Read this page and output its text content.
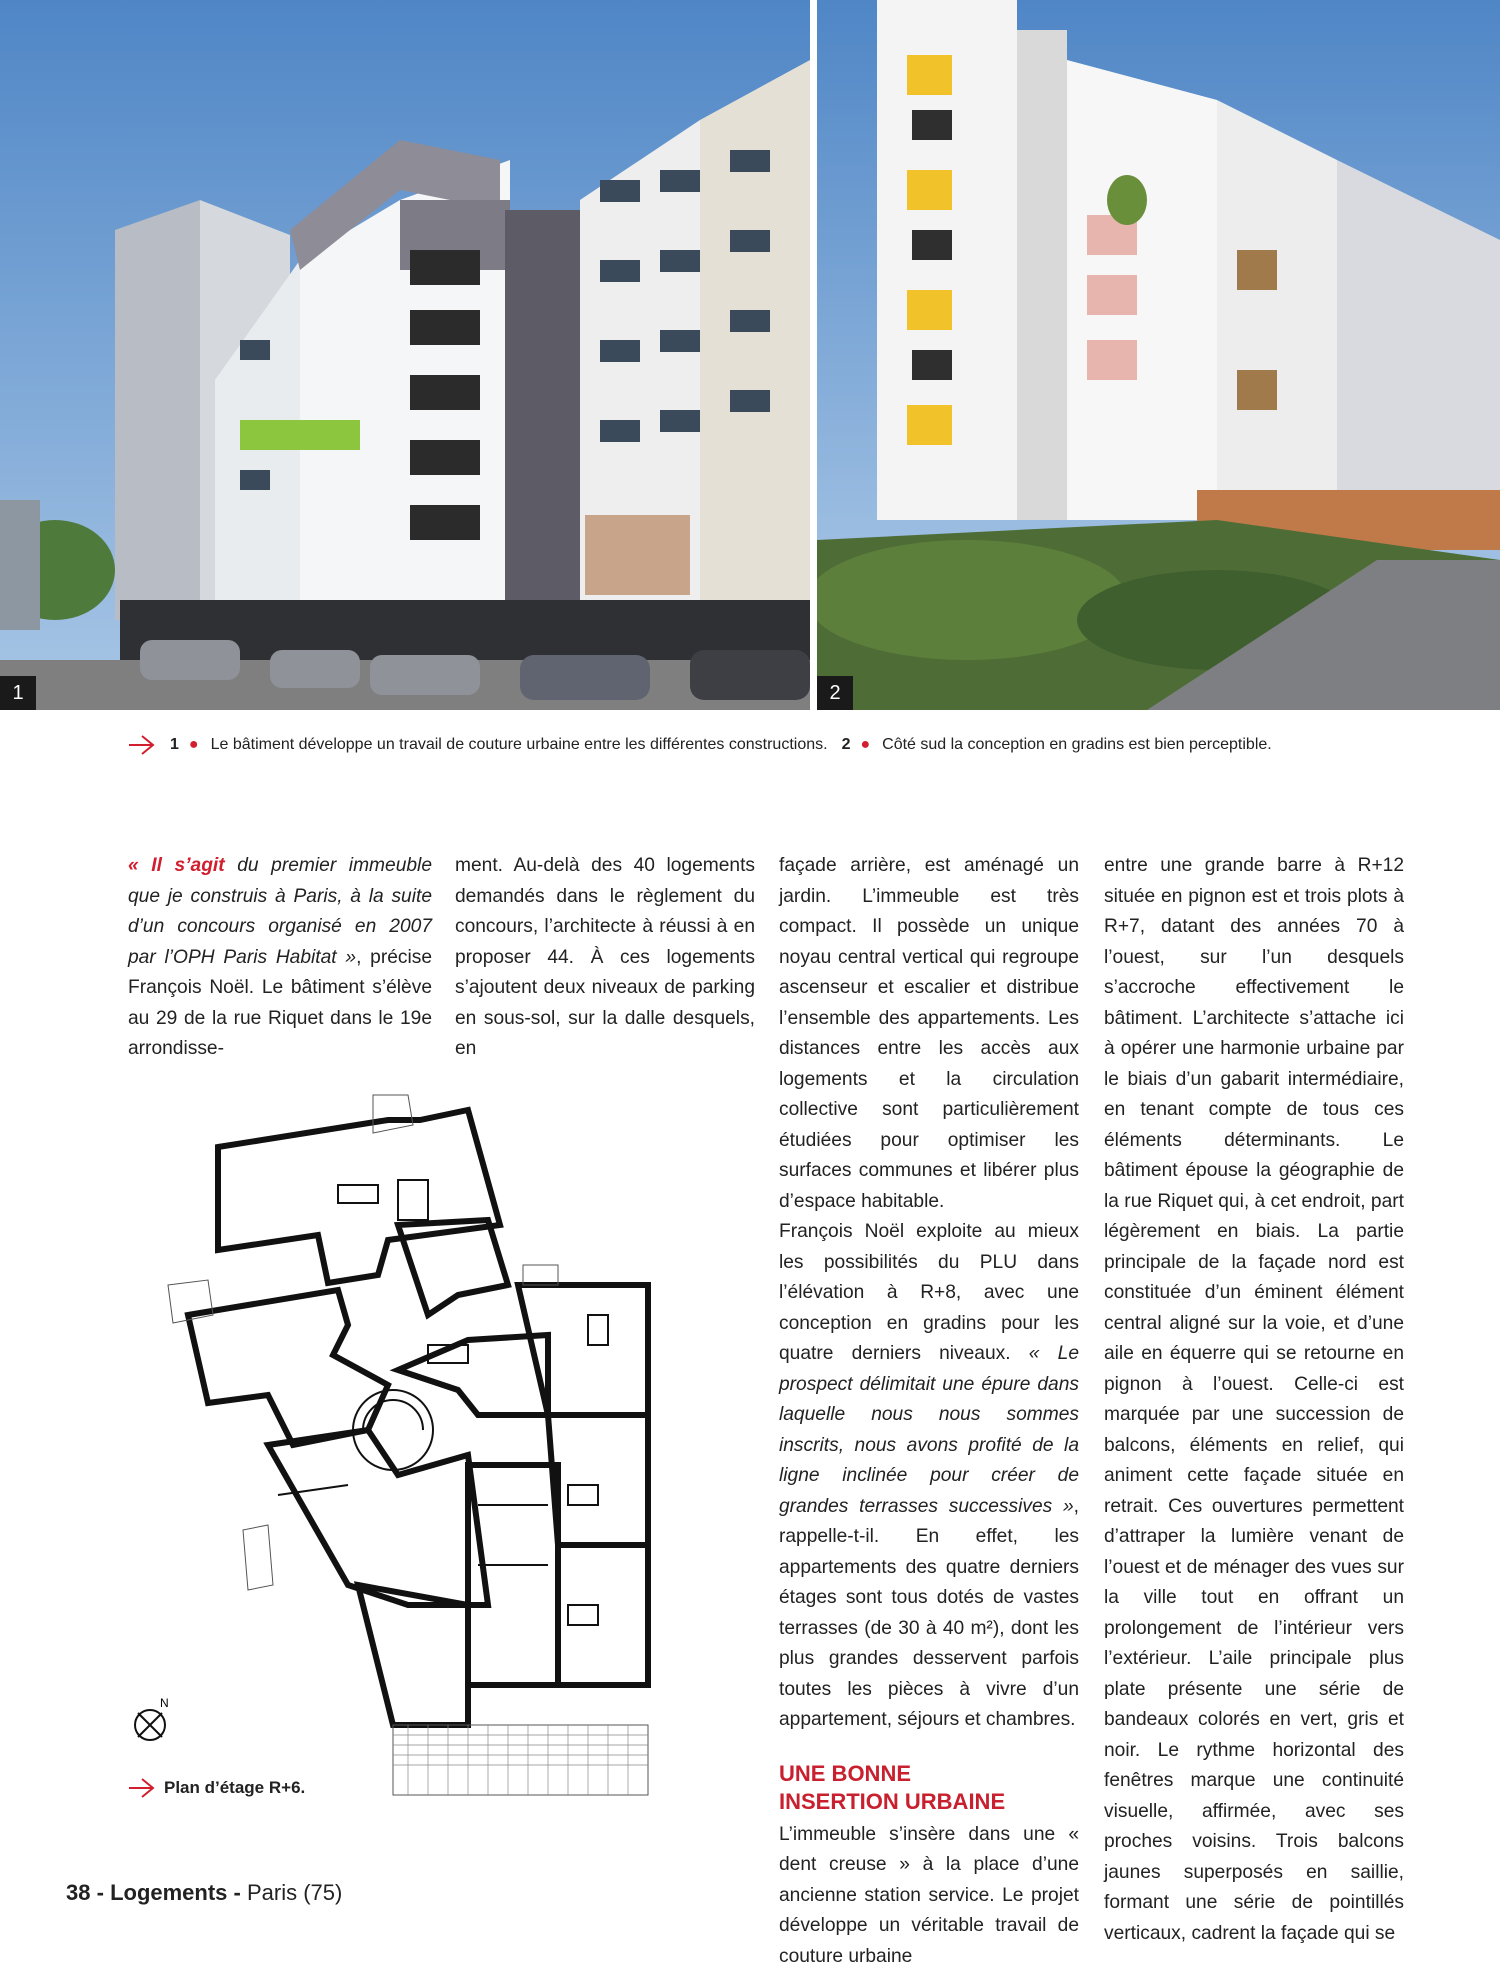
1	2
1 ● Le bâtiment développe un travail de couture urbaine entre les différentes constructions. 2 ● Côté sud la conception en gradins est bien perceptible.

« Il s’agit du premier immeuble que je construis à Paris, à la suite d’un concours organisé en 2007 par l’OPH Paris Habitat », précise François Noël. Le bâtiment s’élève au 29 de la rue Riquet dans le 19e arrondisse-

ment. Au-delà des 40 logements demandés dans le règlement du concours, l’architecte à réussi à en proposer 44. À ces logements s’ajoutent deux niveaux de parking en sous-sol, sur la dalle desquels, en

façade arrière, est aménagé un jardin. L’immeuble est très compact. Il possède un unique noyau central vertical qui regroupe ascenseur et escalier et distribue l’ensemble des appartements. Les distances entre les accès aux logements et la circulation collective sont particulièrement étudiées pour optimiser les surfaces communes et libérer plus d’espace habitable.

François Noël exploite au mieux les possibilités du PLU dans l’élévation à R+8, avec une conception en gradins pour les quatre derniers niveaux. « Le prospect délimitait une épure dans laquelle nous nous sommes inscrits, nous avons profité de la ligne inclinée pour créer de grandes terrasses successives », rappelle-t-il. En effet, les appartements des quatre derniers étages sont tous dotés de vastes terrasses (de 30 à 40 m²), dont les plus grandes desservent parfois toutes les pièces à vivre d’un appartement, séjours et chambres.

UNE BONNE
INSERTION URBAINE

L’immeuble s’insère dans une « dent creuse » à la place d’une ancienne station service. Le projet développe un véritable travail de couture urbaine

entre une grande barre à R+12 située en pignon est et trois plots à R+7, datant des années 70 à l’ouest, sur l’un desquels s’accroche effectivement le bâtiment. L’architecte s’attache ici à opérer une harmonie urbaine par le biais d’un gabarit intermédiaire, en tenant compte de tous ces éléments déterminants. Le bâtiment épouse la géographie de la rue Riquet qui, à cet endroit, part légèrement en biais. La partie principale de la façade nord est constituée d’un éminent élément central aligné sur la voie, et d’une aile en équerre qui se retourne en pignon à l’ouest. Celle-ci est marquée par une succession de balcons, éléments en relief, qui animent cette façade située en retrait. Ces ouvertures permettent d’attraper la lumière venant de l’ouest et de ménager des vues sur la ville tout en offrant un prolongement de l’intérieur vers l’extérieur. L’aile principale plus plate présente une série de bandeaux colorés en vert, gris et noir. Le rythme horizontal des fenêtres marque une continuité visuelle, affirmée, avec ses proches voisins. Trois balcons jaunes superposés en saillie, formant une série de pointillés verticaux, cadrent la façade qui se

N
Plan d’étage R+6.
38 - Logements - Paris (75)
